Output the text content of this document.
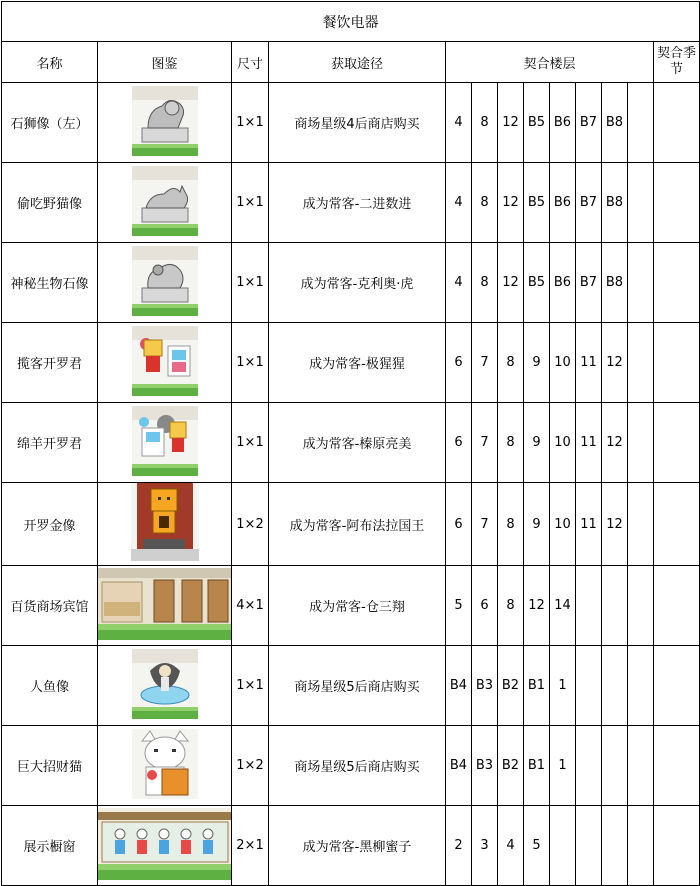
餐饮电器												
名称	图鉴	尺寸	获取途径	契合楼层								契合季节
石狮像（左）		1×1	商场星级4后商店购买	4	8	12	B5	B6	B7	B8		
偷吃野猫像		1×1	成为常客-二进数进	4	8	12	B5	B6	B7	B8		
神秘生物石像		1×1	成为常客-克利奥·虎	4	8	12	B5	B6	B7	B8		
揽客开罗君		1×1	成为常客-极猩猩	6	7	8	9	10	11	12		
绵羊开罗君		1×1	成为常客-榛原亮美	6	7	8	9	10	11	12		
开罗金像		1×2	成为常客-阿布法拉国王	6	7	8	9	10	11	12		
百货商场宾馆		4×1	成为常客-仓三翔	5	6	8	12	14				
人鱼像		1×1	商场星级5后商店购买	B4	B3	B2	B1	1				
巨大招财猫		1×2	商场星级5后商店购买	B4	B3	B2	B1	1				
展示橱窗		2×1	成为常客-黑柳蜜子	2	3	4	5					
